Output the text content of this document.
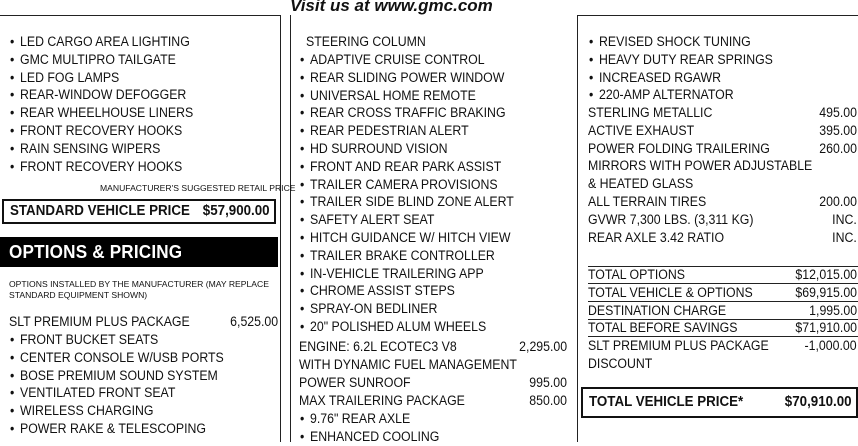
Visit us at www.gmc.com
• LED CARGO AREA LIGHTING
• GMC MULTIPRO TAILGATE
• LED FOG LAMPS
• REAR-WINDOW DEFOGGER
• REAR WHEELHOUSE LINERS
• FRONT RECOVERY HOOKS
• RAIN SENSING WIPERS
• FRONT RECOVERY HOOKS
MANUFACTURER'S SUGGESTED RETAIL PRICE
STANDARD VEHICLE PRICE $57,900.00
OPTIONS & PRICING
OPTIONS INSTALLED BY THE MANUFACTURER (MAY REPLACE
STANDARD EQUIPMENT SHOWN)
SLT PREMIUM PLUS PACKAGE	6,525.00
• FRONT BUCKET SEATS
• CENTER CONSOLE W/USB PORTS
• BOSE PREMIUM SOUND SYSTEM
• VENTILATED FRONT SEAT
• WIRELESS CHARGING
• POWER RAKE & TELESCOPING
STEERING COLUMN
• ADAPTIVE CRUISE CONTROL
• REAR SLIDING POWER WINDOW
• UNIVERSAL HOME REMOTE
• REAR CROSS TRAFFIC BRAKING
• REAR PEDESTRIAN ALERT
• HD SURROUND VISION
• FRONT AND REAR PARK ASSIST
• TRAILER CAMERA PROVISIONS
• TRAILER SIDE BLIND ZONE ALERT
• SAFETY ALERT SEAT
• HITCH GUIDANCE W/ HITCH VIEW
• TRAILER BRAKE CONTROLLER
• IN-VEHICLE TRAILERING APP
• CHROME ASSIST STEPS
• SPRAY-ON BEDLINER
• 20" POLISHED ALUM WHEELS
ENGINE: 6.2L ECOTEC3 V8	2,295.00
WITH DYNAMIC FUEL MANAGEMENT
POWER SUNROOF	995.00
MAX TRAILERING PACKAGE	850.00
• 9.76" REAR AXLE
• ENHANCED COOLING
• REVISED SHOCK TUNING
• HEAVY DUTY REAR SPRINGS
• INCREASED RGAWR
• 220-AMP ALTERNATOR
STERLING METALLIC	495.00
ACTIVE EXHAUST	395.00
POWER FOLDING TRAILERING	260.00
MIRRORS WITH POWER ADJUSTABLE
& HEATED GLASS
ALL TERRAIN TIRES	200.00
GVWR 7,300 LBS. (3,311 KG)	INC.
REAR AXLE 3.42 RATIO	INC.
TOTAL OPTIONS	$12,015.00
TOTAL VEHICLE & OPTIONS	$69,915.00
DESTINATION CHARGE	1,995.00
TOTAL BEFORE SAVINGS	$71,910.00
SLT PREMIUM PLUS PACKAGE	-1,000.00
DISCOUNT
TOTAL VEHICLE PRICE*	$70,910.00
